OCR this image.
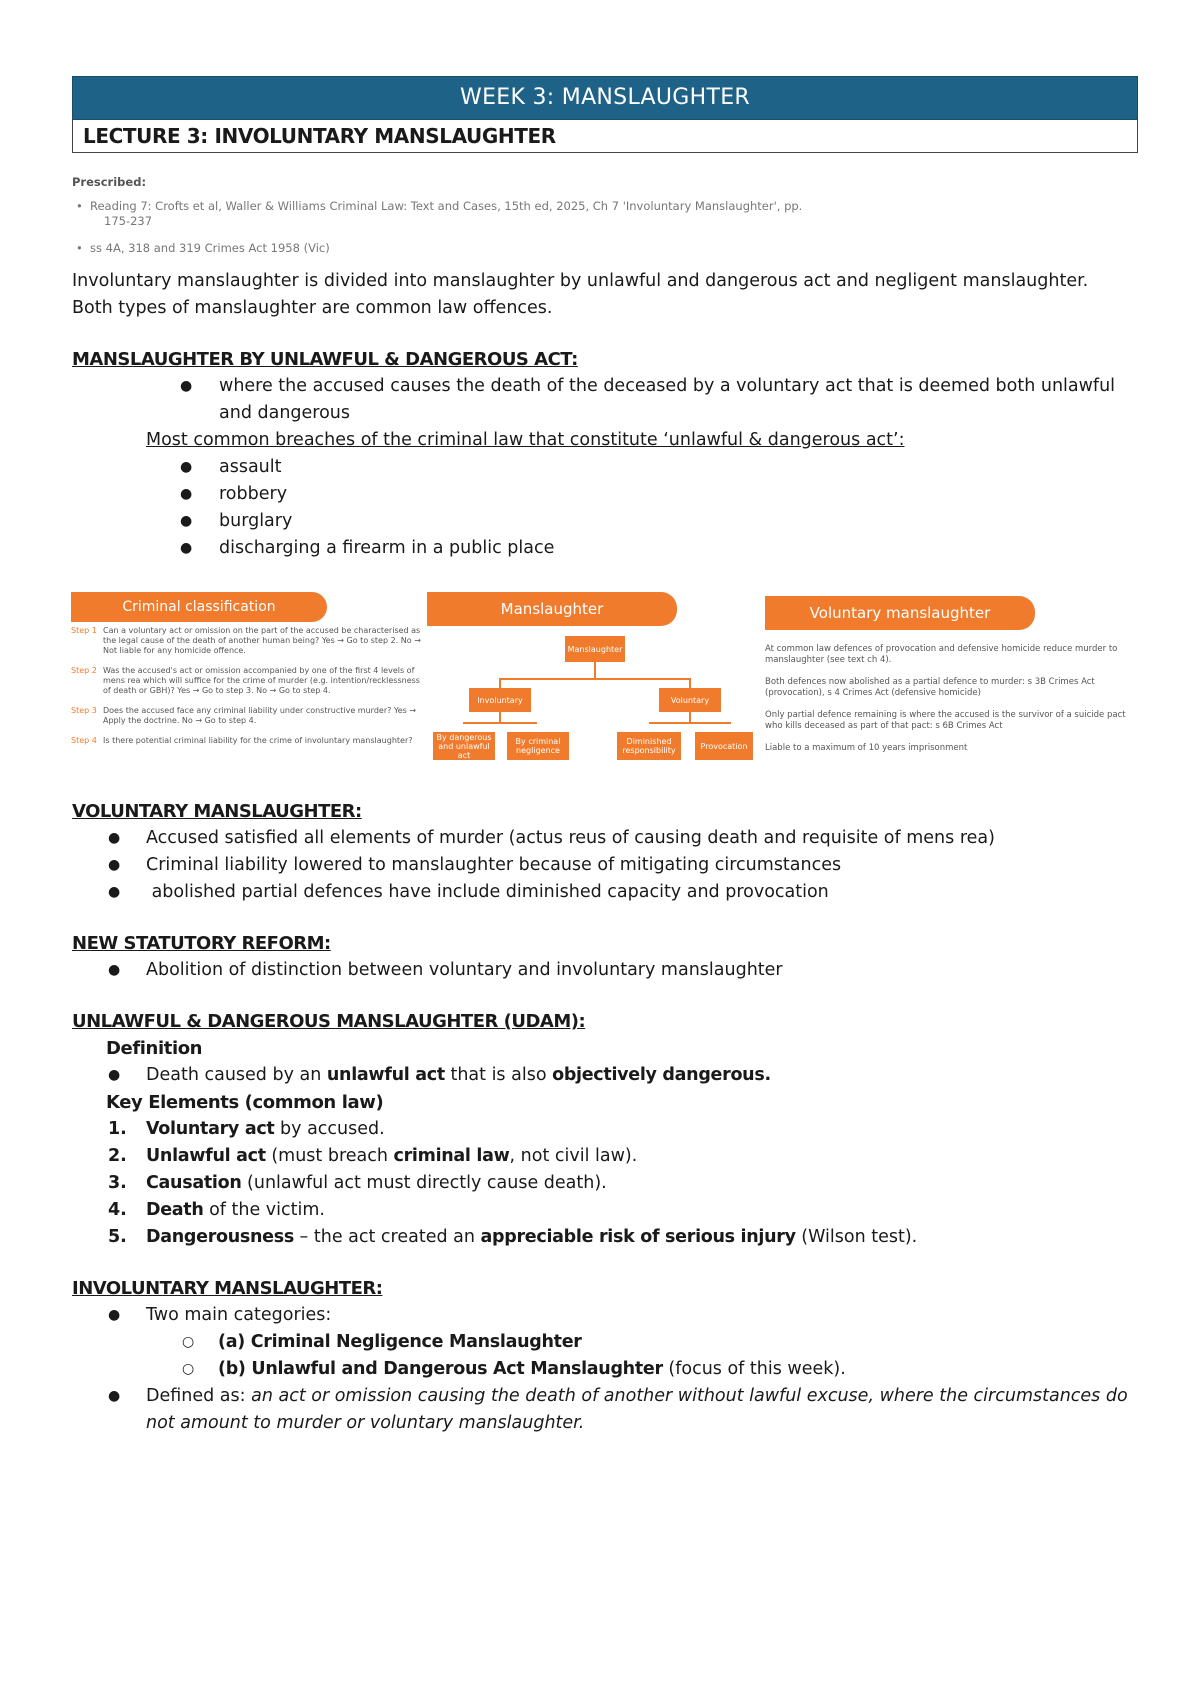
WEEK 3: MANSLAUGHTER
LECTURE 3: INVOLUNTARY MANSLAUGHTER
Prescribed:
• Reading 7: Crofts et al, Waller & Williams Criminal Law: Text and Cases, 15th ed, 2025, Ch 7 'Involuntary Manslaughter', pp.
175-237
• ss 4A, 318 and 319 Crimes Act 1958 (Vic)

Involuntary manslaughter is divided into manslaughter by unlawful and dangerous act and negligent manslaughter.
Both types of manslaughter are common law offences.

MANSLAUGHTER BY UNLAWFUL & DANGEROUS ACT:

● where the accused causes the death of the deceased by a voluntary act that is deemed both unlawful and dangerous
Most common breaches of the criminal law that constitute ‘unlawful & dangerous act’:
● assault
● robbery
● burglary
● discharging a firearm in a public place
Criminal classification
Step 1 Can a voluntary act or omission on the part of the accused be characterised as the legal cause of the death of another human being? Yes → Go to step 2. No → Not liable for any homicide offence.
Step 2 Was the accused's act or omission accompanied by one of the first 4 levels of mens rea which will suffice for the crime of murder (e.g. intention/recklessness of death or GBH)? Yes → Go to step 3. No → Go to step 4.
Step 3 Does the accused face any criminal liability under constructive murder? Yes → Apply the doctrine. No → Go to step 4.
Step 4 Is there potential criminal liability for the crime of involuntary manslaughter?
Manslaughter
Manslaughter
Involuntary	Voluntary
By dangerous and unlawful act
By criminal negligence
Diminished responsibility	Provocation
Voluntary manslaughter
At common law defences of provocation and defensive homicide reduce murder to manslaughter (see text ch 4).
Both defences now abolished as a partial defence to murder: s 3B Crimes Act (provocation), s 4 Crimes Act (defensive homicide)
Only partial defence remaining is where the accused is the survivor of a suicide pact who kills deceased as part of that pact: s 6B Crimes Act
Liable to a maximum of 10 years imprisonment

VOLUNTARY MANSLAUGHTER:

● Accused satisfied all elements of murder (actus reus of causing death and requisite of mens rea)
● Criminal liability lowered to manslaughter because of mitigating circumstances
● abolished partial defences have include diminished capacity and provocation

NEW STATUTORY REFORM:

● Abolition of distinction between voluntary and involuntary manslaughter

UNLAWFUL & DANGEROUS MANSLAUGHTER (UDAM):

Definition
● Death caused by an unlawful act that is also objectively dangerous.
Key Elements (common law)
1. Voluntary act by accused.
2. Unlawful act (must breach criminal law, not civil law).
3. Causation (unlawful act must directly cause death).
4. Death of the victim.
5. Dangerousness – the act created an appreciable risk of serious injury (Wilson test).

INVOLUNTARY MANSLAUGHTER:

● Two main categories:
○ (a) Criminal Negligence Manslaughter
○ (b) Unlawful and Dangerous Act Manslaughter (focus of this week).
● Defined as: an act or omission causing the death of another without lawful excuse, where the circumstances do not amount to murder or voluntary manslaughter.
